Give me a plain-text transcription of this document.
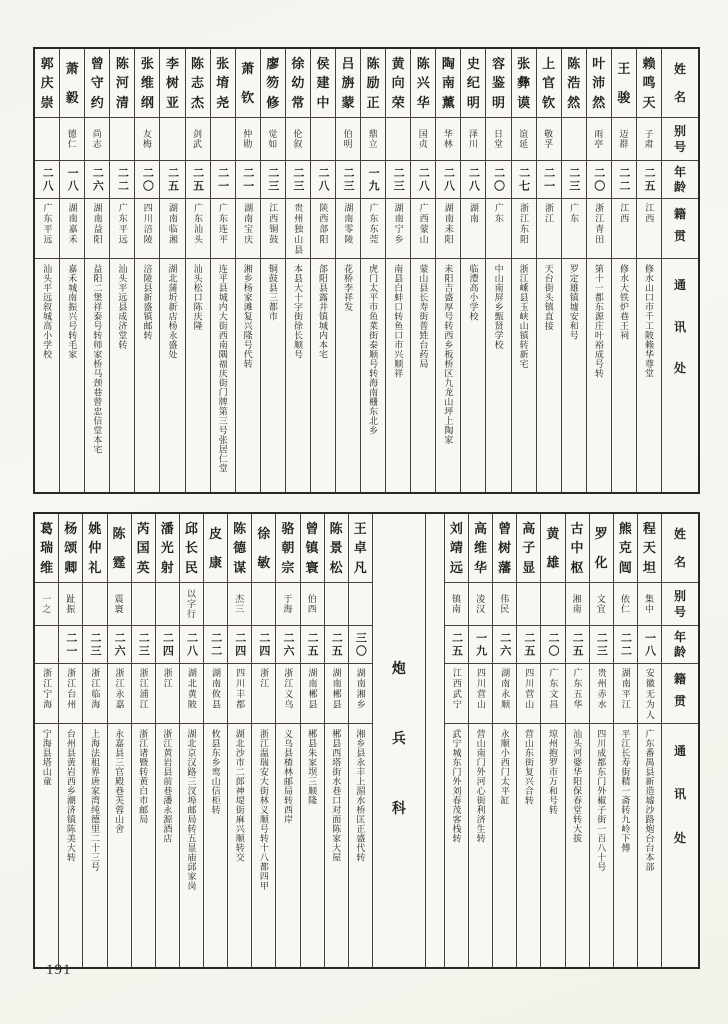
姓
名
别
号
年
龄
籍
贯
通
讯
处
赖
鸣
天
子肃
二五
江西
修水山口市千工陂赖华尊堂
王
骏
迈群
二二
江西
修水大铁炉巷王祠
叶
沛
然
雨亭
二〇
浙江青田
第十一都东源庄叶裕成号转
陈
浩
然
二三
广东
罗定雄镇墟安和号
上
官
钦
敬孚
二一
浙江
天台街头镇直接
张
彝
谟
谊延
二七
浙江东阳
浙江嵊县玉峡山镇转新宅
容
鉴
明
日堂
二〇
广东
中山南屏乡甄贤学校
史
纪
明
泽川
二八
湖南
临澧高小学校
陶
南
薰
华林
二八
湖南耒阳
耒阳吉盛厚号转西乡板桥区九龙山坪上陶家
陈
兴
华
国贞
二八
广西蒙山
蒙山县长寿街普甡台药局
黄
向
荣
二三
湖南宁乡
南县白蚌口转鱼口市兴顺祥
陈
励
正
鼎立
一九
广东东莞
虎门太平市鱼菜街泰顺号转海南栅东北乡
吕
旃
蒙
伯明
二三
湖南零陵
花桥李祥发
侯
建
中
二八
陕西郃阳
郃阳县露井镇城内本宅
徐
幼
常
伦叙
二三
贵州独山县
本县大十字街徐长顺号
廖
笏
修
觉如
二三
江西铜鼓
铜鼓县三都市
萧
钦
仲勋
二一
湖南宝庆
湘乡杨家滩复兴隆号代转
张
堉
尧
二一
广东连平
连平县城内大街西南隅福庆街门牌第三号张居仁堂
陈
志
杰
剑武
二五
广东汕头
汕头松口陈庆隆
李
树
亚
二五
湖南临湘
湖北蒲圻新店杨永盛处
张
维
纲
友梅
二〇
四川涪陵
涪陵县新盛镇邮转
陈
河
清
二二
广东平远
汕头平远县成济堂转
曾
守
约
尚志
二六
湖南益阳
益阳二堡祥泰号转师家桥马颈巷曾忠信堂本宅
萧
毅
德仁
一八
湖南嘉禾
嘉禾城南振兴号转毛家
郭
庆
崇
二八
广东平远
汕头平远叙城高小学校
姓
名
别
号
年
龄
籍
贯
通
讯
处
程
天
坦
集中
一八
安徽无为人
广东番禺县新造墟沙路炮台台本部
熊
克
闿
依仁
二二
湖南平江
平江长寿街精一斋转九岭下傅
罗
化
文宜
二三
贵州赤水
四川成都东门外椒子街一百八十号
古
中
枢
湘南
二五
广东五华
汕头河婆华阳保春堂转大拔
黄
雄
二〇
广东文昌
琼州抱罗市万和号转
高
子
显
二五
四川营山
营山东街复兴合转
曾
树
藩
伟民
二六
湖南永顺
永顺小西门太平缸
高
维
华
凌汉
一九
四川营山
营山南门外河心街利济生转
刘
靖
远
镇南
二五
江西武宁
武宁城东门外刘春茂客栈转
炮
兵
科
王
卓
凡
三〇
湖南湘乡
湘乡县永丰上湄水桥匡正盛代转
陈
景
松
二五
湖南郴县
郴县西塔街水巷口对面陈家大屋
曾
镇
寰
伯西
二五
湖南郴县
郴县朱家坝三顺隆
骆
朝
宗
于海
二六
浙江义乌
义乌县楂林邮局转西岸
徐
敏
二四
浙江
浙江温瑞安大街林义顺号转十八都四甲
陈
德
谋
杰三
二四
四川丰都
湖北沙市二郎神堤街麻兴顺转交
皮
康
二二
湖南攸县
攸县东乡鸾山信柜转
邱
长
民
以字行
二八
湖北黄陂
湖北京汉路三汊埠邮局转五显庙邱家岗
潘
光
射
二四
浙江
浙江黄岩县前巷潘永源酒店
芮
国
英
二三
浙江浦江
浙江诸暨转黄白市邮局
陈
霆
震寰
二六
浙江永嘉
永嘉县三官殿巷芙蓉山舍
姚
仲
礼
二三
浙江临海
上海法租界唐家湾纯德里二十三号
杨
颂
卿
趾振
二一
浙江台州
台州县黄岩西乡潮济镇陈美大转
葛
瑞
维
一之
浙江宁海
宁海县塔山童
191
